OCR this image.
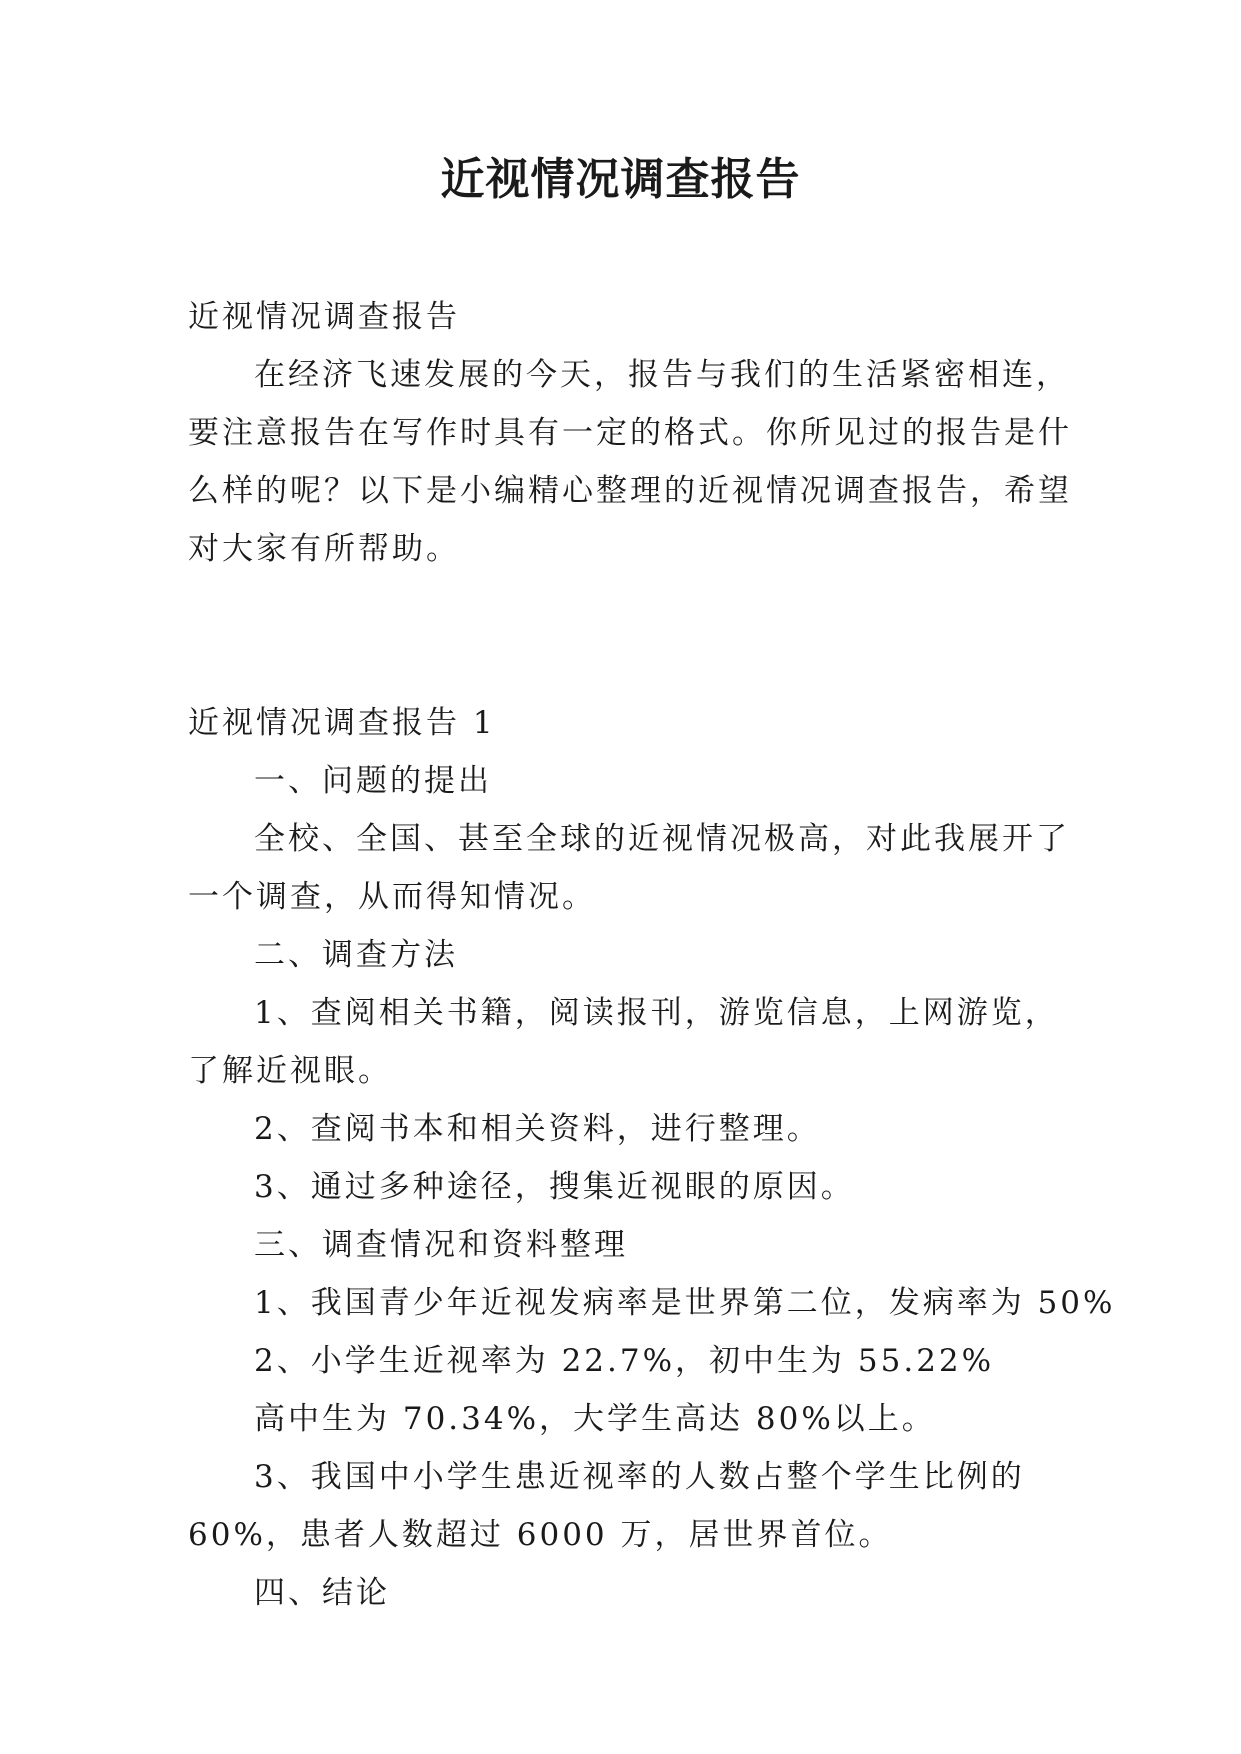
近视情况调查报告
近视情况调查报告
在经济飞速发展的今天，报告与我们的生活紧密相连，
要注意报告在写作时具有一定的格式。你所见过的报告是什
么样的呢？以下是小编精心整理的近视情况调查报告，希望
对大家有所帮助。
近视情况调查报告 1
一、问题的提出
全校、全国、甚至全球的近视情况极高，对此我展开了
一个调查，从而得知情况。
二、调查方法
1、查阅相关书籍，阅读报刊，游览信息，上网游览，
了解近视眼。
2、查阅书本和相关资料，进行整理。
3、通过多种途径，搜集近视眼的原因。
三、调查情况和资料整理
1、我国青少年近视发病率是世界第二位，发病率为 50%
2、小学生近视率为 22.7%，初中生为 55.22%
高中生为 70.34%，大学生高达 80%以上。
3、我国中小学生患近视率的人数占整个学生比例的
60%，患者人数超过 6000 万，居世界首位。
四、结论
